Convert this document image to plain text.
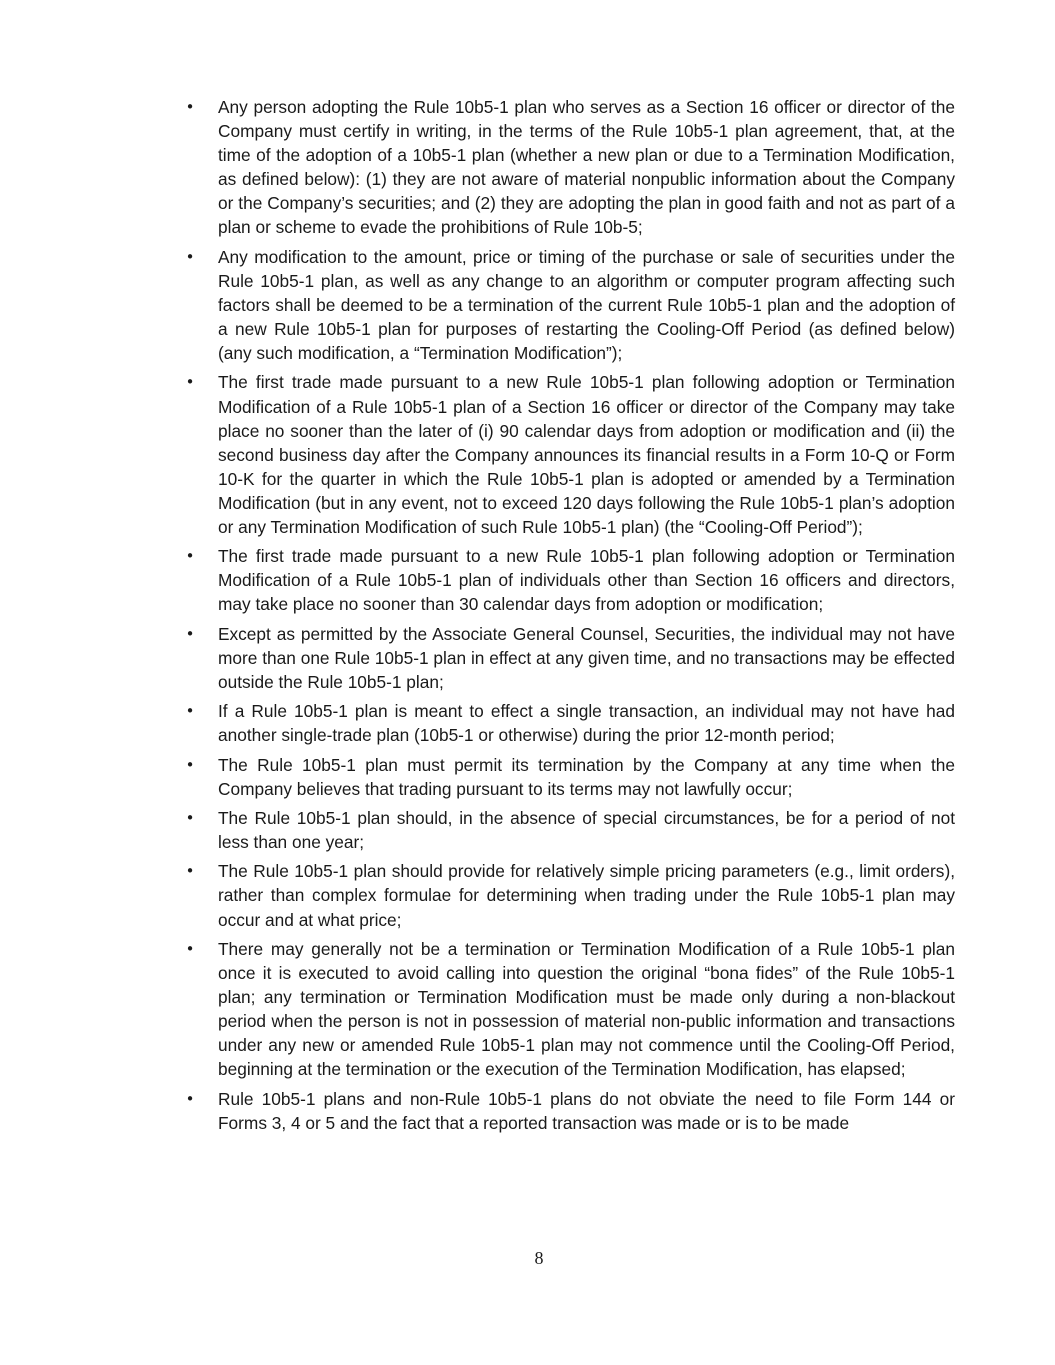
• Any person adopting the Rule 10b5-1 plan who serves as a Section 16 officer or director of the Company must certify in writing, in the terms of the Rule 10b5-1 plan agreement, that, at the time of the adoption of a 10b5-1 plan (whether a new plan or due to a Termination Modification, as defined below): (1) they are not aware of material nonpublic information about the Company or the Company’s securities; and (2) they are adopting the plan in good faith and not as part of a plan or scheme to evade the prohibitions of Rule 10b-5;
• Any modification to the amount, price or timing of the purchase or sale of securities under the Rule 10b5-1 plan, as well as any change to an algorithm or computer program affecting such factors shall be deemed to be a termination of the current Rule 10b5-1 plan and the adoption of a new Rule 10b5-1 plan for purposes of restarting the Cooling-Off Period (as defined below) (any such modification, a “Termination Modification”);
• The first trade made pursuant to a new Rule 10b5-1 plan following adoption or Termination Modification of a Rule 10b5-1 plan of a Section 16 officer or director of the Company may take place no sooner than the later of (i) 90 calendar days from adoption or modification and (ii) the second business day after the Company announces its financial results in a Form 10-Q or Form 10-K for the quarter in which the Rule 10b5-1 plan is adopted or amended by a Termination Modification (but in any event, not to exceed 120 days following the Rule 10b5-1 plan’s adoption or any Termination Modification of such Rule 10b5-1 plan) (the “Cooling-Off Period”);
• The first trade made pursuant to a new Rule 10b5-1 plan following adoption or Termination Modification of a Rule 10b5-1 plan of individuals other than Section 16 officers and directors, may take place no sooner than 30 calendar days from adoption or modification;
• Except as permitted by the Associate General Counsel, Securities, the individual may not have more than one Rule 10b5-1 plan in effect at any given time, and no transactions may be effected outside the Rule 10b5-1 plan;
• If a Rule 10b5-1 plan is meant to effect a single transaction, an individual may not have had another single-trade plan (10b5-1 or otherwise) during the prior 12-month period;
• The Rule 10b5-1 plan must permit its termination by the Company at any time when the Company believes that trading pursuant to its terms may not lawfully occur;
• The Rule 10b5-1 plan should, in the absence of special circumstances, be for a period of not less than one year;
• The Rule 10b5-1 plan should provide for relatively simple pricing parameters (e.g., limit orders), rather than complex formulae for determining when trading under the Rule 10b5-1 plan may occur and at what price;
• There may generally not be a termination or Termination Modification of a Rule 10b5-1 plan once it is executed to avoid calling into question the original “bona fides” of the Rule 10b5-1 plan; any termination or Termination Modification must be made only during a non-blackout period when the person is not in possession of material non-public information and transactions under any new or amended Rule 10b5-1 plan may not commence until the Cooling-Off Period, beginning at the termination or the execution of the Termination Modification, has elapsed;
• Rule 10b5-1 plans and non-Rule 10b5-1 plans do not obviate the need to file Form 144 or Forms 3, 4 or 5 and the fact that a reported transaction was made or is to be made
8
